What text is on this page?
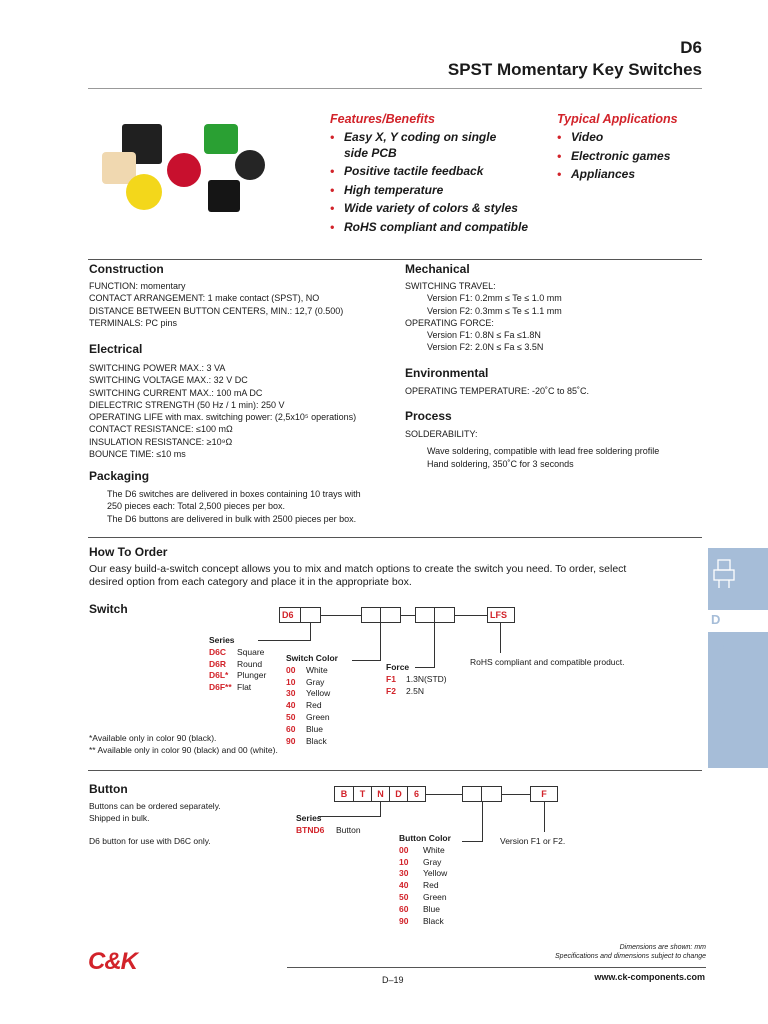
D6
SPST Momentary Key Switches
Features/Benefits
• Easy X, Y coding on single
side PCB
• Positive tactile feedback
• High temperature
• Wide variety of colors & styles
• RoHS compliant and compatible
Typical Applications
• Video
• Electronic games
• Appliances
Construction
FUNCTION: momentary
CONTACT ARRANGEMENT: 1 make contact (SPST), NO
DISTANCE BETWEEN BUTTON CENTERS, MIN.: 12,7 (0.500)
TERMINALS: PC pins
Electrical
SWITCHING POWER MAX.: 3 VA
SWITCHING VOLTAGE MAX.: 32 V DC
SWITCHING CURRENT MAX.: 100 mA DC
DIELECTRIC STRENGTH (50 Hz / 1 min): 250 V
OPERATING LIFE with max. switching power: (2,5x10⁵ operations)
CONTACT RESISTANCE: ≤100 mΩ
INSULATION RESISTANCE: ≥10⁹Ω
BOUNCE TIME: ≤10 ms
Packaging
The D6 switches are delivered in boxes containing 10 trays with
250 pieces each: Total 2,500 pieces per box.
The D6 buttons are delivered in bulk with 2500 pieces per box.
Mechanical
SWITCHING TRAVEL:
Version F1: 0.2mm ≤ Te ≤ 1.0 mm
Version F2: 0.3mm ≤ Te ≤ 1.1 mm
OPERATING FORCE:
Version F1: 0.8N ≤ Fa ≤1.8N
Version F2: 2.0N ≤ Fa ≤ 3.5N
Environmental
OPERATING TEMPERATURE: -20˚C to 85˚C.
Process
SOLDERABILITY:
Wave soldering, compatible with lead free soldering profile
Hand soldering, 350˚C for 3 seconds
How To Order
Our easy build-a-switch concept allows you to mix and match options to create the switch you need. To order, select
desired option from each category and place it in the appropriate box.
Switch	D6	LFS
Series
D6C Square
D6R Round
D6L* Plunger
D6F** Flat
Switch Color
00 White
10 Gray
30 Yellow
40 Red
50 Green
60 Blue
90 Black
Force
F1 1.3N(STD)
F2 2.5N
RoHS compliant and compatible product.
*Available only in color 90 (black).
** Available only in color 90 (black) and 00 (white).
Button
Buttons can be ordered separately.
Shipped in bulk.
D6 button for use with D6C only.
B	T	N	D	6	F
Series
BTND6 Button
Button Color
00 White
10 Gray
30 Yellow
40 Red
50 Green
60 Blue
90 Black
Version F1 or F2.
D
Key Switches
C&K
Dimensions are shown: mm
Specifications and dimensions subject to change
D–19	www.ck-components.com
